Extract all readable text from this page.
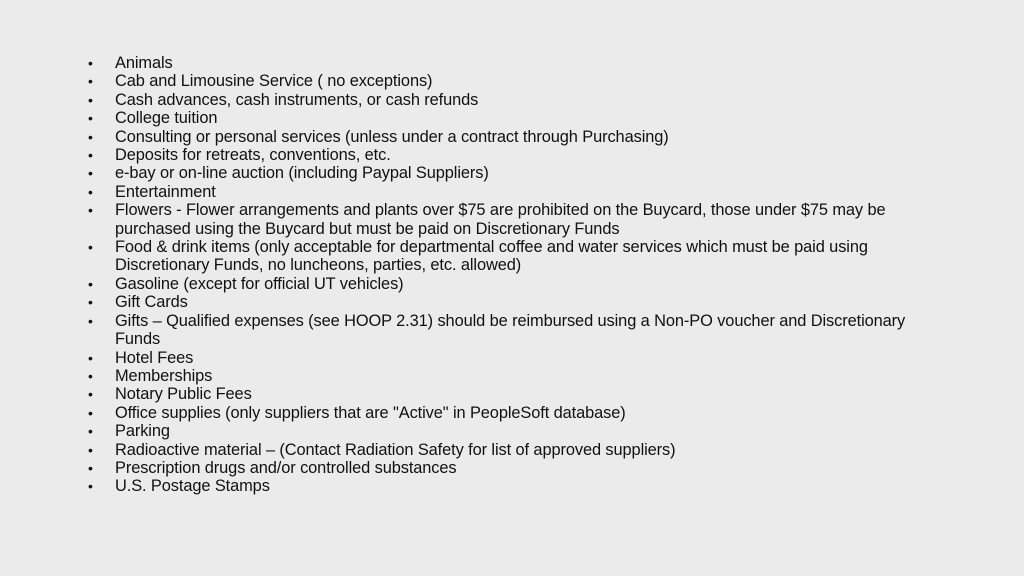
•	Animals
•	Cab and Limousine Service ( no exceptions)
•	Cash advances, cash instruments, or cash refunds
•	College tuition
•	Consulting or personal services (unless under a contract through Purchasing)
•	Deposits for retreats, conventions, etc.
•	e-bay or on-line auction (including Paypal Suppliers)
•	Entertainment
•	Flowers - Flower arrangements and plants over $75 are prohibited on the Buycard, those under $75 may be purchased using the Buycard but must be paid on Discretionary Funds
•	Food & drink items (only acceptable for departmental coffee and water services which must be paid using Discretionary Funds, no luncheons, parties, etc. allowed)
•	Gasoline (except for official UT vehicles)
•	Gift Cards
•	Gifts – Qualified expenses (see HOOP 2.31) should be reimbursed using a Non-PO voucher and Discretionary Funds
•	Hotel Fees
•	Memberships
•	Notary Public Fees
•	Office supplies (only suppliers that are "Active" in PeopleSoft database)
•	Parking
•	Radioactive material – (Contact Radiation Safety for list of approved suppliers)
•	Prescription drugs and/or controlled substances
•	U.S. Postage Stamps
